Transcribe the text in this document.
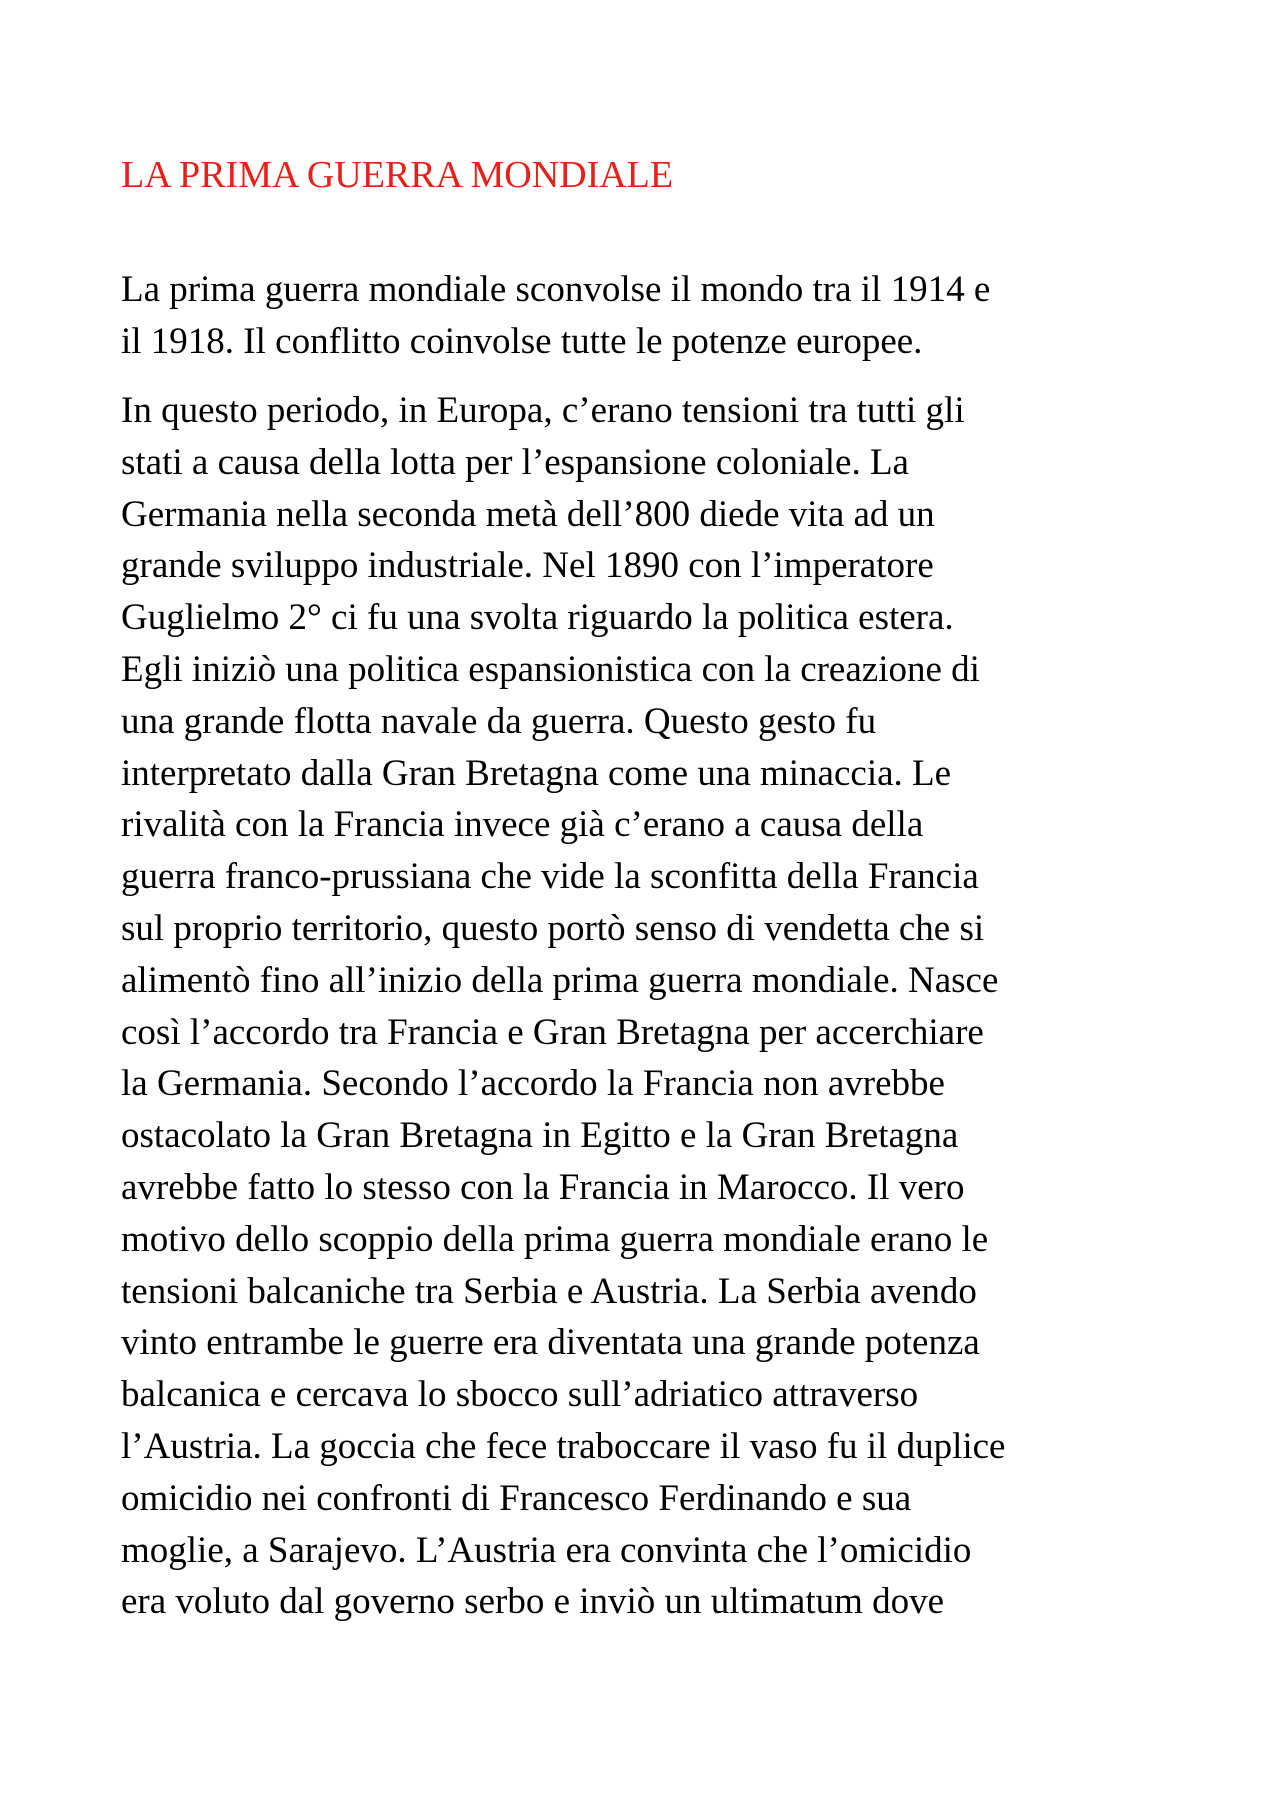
LA PRIMA GUERRA MONDIALE

La prima guerra mondiale sconvolse il mondo tra il 1914 e
il 1918. Il conflitto coinvolse tutte le potenze europee.

In questo periodo, in Europa, c’erano tensioni tra tutti gli
stati a causa della lotta per l’espansione coloniale. La
Germania nella seconda metà dell’800 diede vita ad un
grande sviluppo industriale. Nel 1890 con l’imperatore
Guglielmo 2° ci fu una svolta riguardo la politica estera.
Egli iniziò una politica espansionistica con la creazione di
una grande flotta navale da guerra. Questo gesto fu
interpretato dalla Gran Bretagna come una minaccia. Le
rivalità con la Francia invece già c’erano a causa della
guerra franco-prussiana che vide la sconfitta della Francia
sul proprio territorio, questo portò senso di vendetta che si
alimentò fino all’inizio della prima guerra mondiale. Nasce
così l’accordo tra Francia e Gran Bretagna per accerchiare
la Germania. Secondo l’accordo la Francia non avrebbe
ostacolato la Gran Bretagna in Egitto e la Gran Bretagna
avrebbe fatto lo stesso con la Francia in Marocco. Il vero
motivo dello scoppio della prima guerra mondiale erano le
tensioni balcaniche tra Serbia e Austria. La Serbia avendo
vinto entrambe le guerre era diventata una grande potenza
balcanica e cercava lo sbocco sull’adriatico attraverso
l’Austria. La goccia che fece traboccare il vaso fu il duplice
omicidio nei confronti di Francesco Ferdinando e sua
moglie, a Sarajevo. L’Austria era convinta che l’omicidio
era voluto dal governo serbo e inviò un ultimatum dove
